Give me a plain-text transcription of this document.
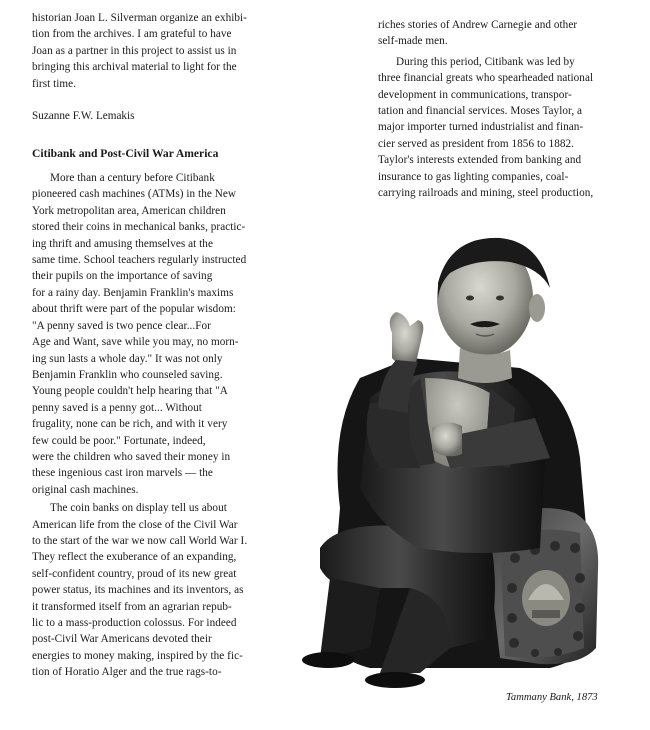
historian Joan L. Silverman organize an exhibi-
tion from the archives. I am grateful to have
Joan as a partner in this project to assist us in
bringing this archival material to light for the
first time.
Suzanne F.W. Lemakis
Citibank and Post-Civil War America
More than a century before Citibank
pioneered cash machines (ATMs) in the New
York metropolitan area, American children
stored their coins in mechanical banks, practic-
ing thrift and amusing themselves at the
same time. School teachers regularly instructed
their pupils on the importance of saving
for a rainy day. Benjamin Franklin's maxims
about thrift were part of the popular wisdom:
"A penny saved is two pence clear...For
Age and Want, save while you may, no morn-
ing sun lasts a whole day." It was not only
Benjamin Franklin who counseled saving.
Young people couldn't help hearing that "A
penny saved is a penny got... Without
frugality, none can be rich, and with it very
few could be poor." Fortunate, indeed,
were the children who saved their money in
these ingenious cast iron marvels — the
original cash machines.
The coin banks on display tell us about
American life from the close of the Civil War
to the start of the war we now call World War I.
They reflect the exuberance of an expanding,
self-confident country, proud of its new great
power status, its machines and its inventors, as
it transformed itself from an agrarian repub-
lic to a mass-production colossus. For indeed
post-Civil War Americans devoted their
energies to money making, inspired by the fic-
tion of Horatio Alger and the true rags-to-
riches stories of Andrew Carnegie and other
self-made men.
During this period, Citibank was led by
three financial greats who spearheaded national
development in communications, transpor-
tation and financial services. Moses Taylor, a
major importer turned industrialist and finan-
cier served as president from 1856 to 1882.
Taylor's interests extended from banking and
insurance to gas lighting companies, coal-
carrying railroads and mining, steel production,
Tammany Bank, 1873
